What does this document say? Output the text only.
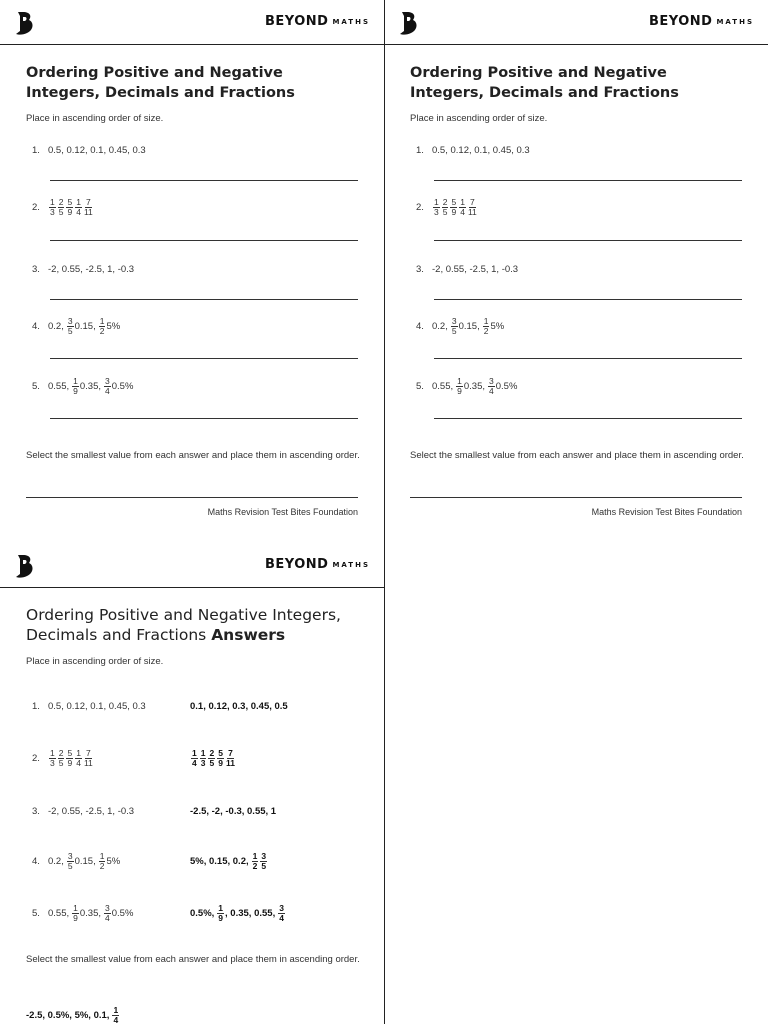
BEYOND MATHS
Ordering Positive and Negative Integers, Decimals and Fractions
Place in ascending order of size.
1. 0.5, 0.12, 0.1, 0.45, 0.3
2.	$\frac{1}{3} \frac{2}{5} \frac{5}{9} \frac{1}{4} \frac{7}{11}$
3. -2, 0.55, -2.5, 1, -0.3
4. 0.2, $\frac{3}{5} 0.15$, $\frac{1}{2} 5\%$
5. 0.55, $\frac{1}{9} 0.35$, $\frac{3}{4} 0.5\%$
Select the smallest value from each answer and place them in ascending order.
Maths Revision Test Bites Foundation
BEYOND MATHS
Ordering Positive and Negative Integers, Decimals and Fractions
Place in ascending order of size.
1. 0.5, 0.12, 0.1, 0.45, 0.3
2.	$\frac{1}{3} \frac{2}{5} \frac{5}{9} \frac{1}{4} \frac{7}{11}$
3. -2, 0.55, -2.5, 1, -0.3
4. 0.2, $\frac{3}{5} 0.15$, $\frac{1}{2} 5\%$
5. 0.55, $\frac{1}{9} 0.35$, $\frac{3}{4} 0.5\%$
Select the smallest value from each answer and place them in ascending order.
Maths Revision Test Bites Foundation
BEYOND MATHS
Ordering Positive and Negative Integers, Decimals and Fractions Answers
Place in ascending order of size.
1. 0.5, 0.12, 0.1, 0.45, 0.3	0.1, 0.12, 0.3, 0.45, 0.5
2.	$\frac{1}{3} \frac{2}{5} \frac{5}{9} \frac{1}{4} \frac{7}{11}$	$\frac{1}{4} \frac{1}{3} \frac{2}{5} \frac{5}{9} \frac{7}{11}$
3. -2, 0.55, -2.5, 1, -0.3	-2.5, -2, -0.3, 0.55, 1
4. 0.2, $\frac{3}{5} 0.15$, $\frac{1}{2} 5\%$	5%, 0.15, 0.2, $\frac{1}{2} \frac{3}{5}$
5. 0.55, $\frac{1}{9} 0.35$, $\frac{3}{4} 0.5\%$	0.5%, $\frac{1}{9}$ , 0.35, 0.55, $\frac{3}{4}$
Select the smallest value from each answer and place them in ascending order.
-2.5, 0.5%, 5%, 0.1, $\frac{1}{4}$
